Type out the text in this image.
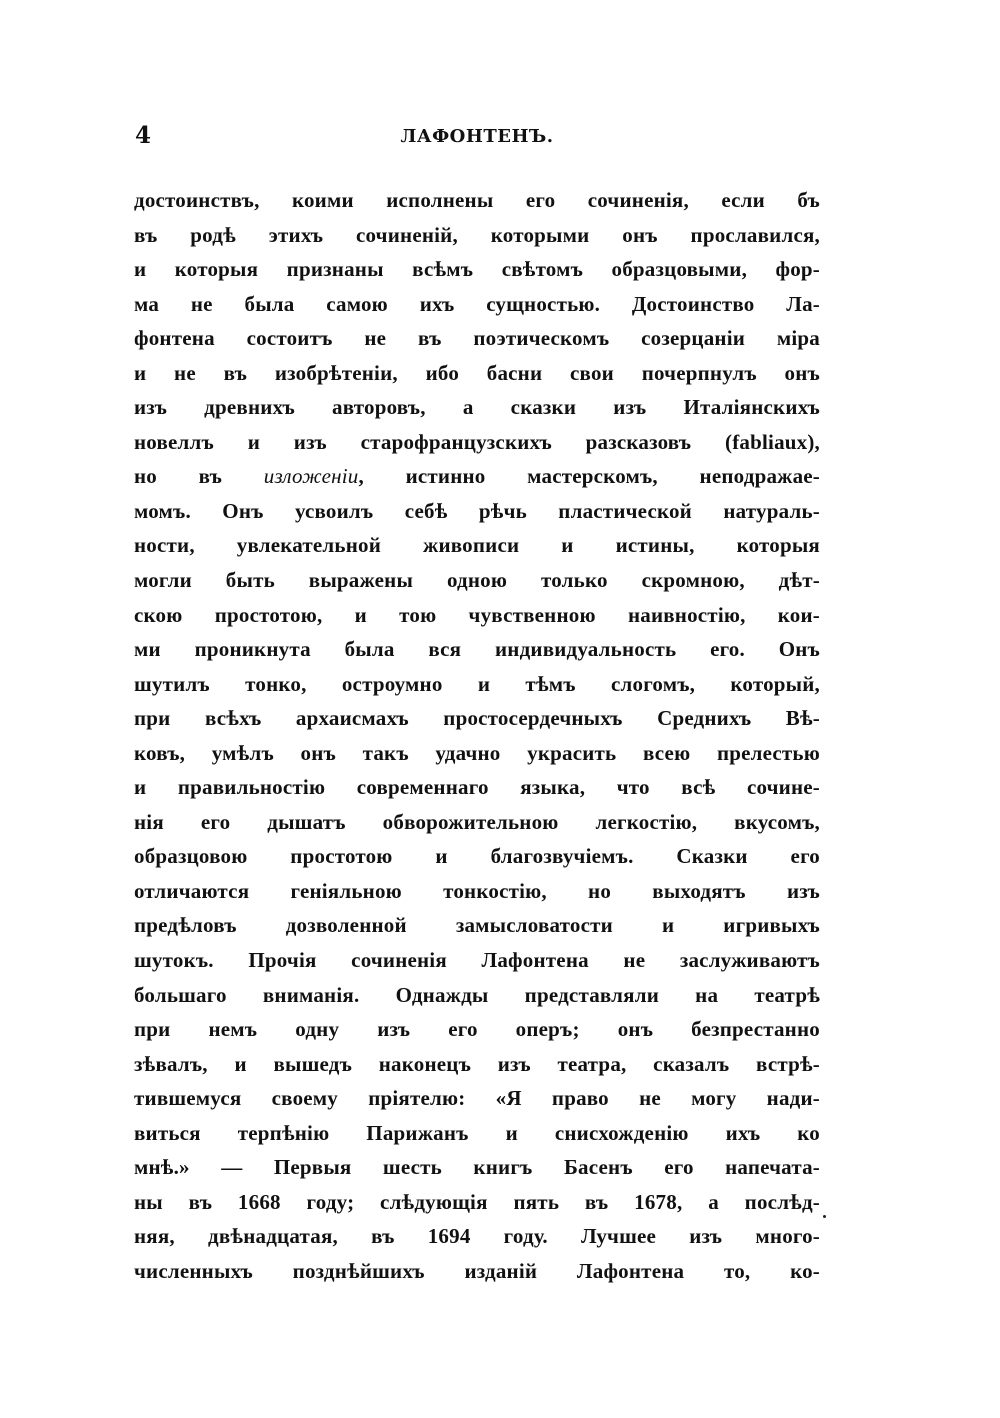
4	ЛАФОНТЕНЪ.
достоинствъ, коими исполнены его сочиненія, если бъ
въ родѣ этихъ сочиненій, которыми онъ прославился,
и которыя признаны всѣмъ свѣтомъ образцовыми, фор-
ма не была самою ихъ сущностью. Достоинство Ла-
фонтена состоитъ не въ поэтическомъ созерцаніи міра
и не въ изобрѣтеніи, ибо басни свои почерпнулъ онъ
изъ древнихъ авторовъ, а сказки изъ Италіянскихъ
новеллъ и изъ старофранцузскихъ разсказовъ (fabliaux),
но въ изложеніи, истинно мастерскомъ, неподражае-
момъ. Онъ усвоилъ себѣ рѣчь пластической натураль-
ности, увлекательной живописи и истины, которыя
могли быть выражены одною только скромною, дѣт-
скою простотою, и тою чувственною наивностію, кои-
ми проникнута была вся индивидуальность его. Онъ
шутилъ тонко, остроумно и тѣмъ слогомъ, который,
при всѣхъ архаисмахъ простосердечныхъ Среднихъ Вѣ-
ковъ, умѣлъ онъ такъ удачно украсить всею прелестью
и правильностію современнаго языка, что всѣ сочине-
нія его дышатъ обворожительною легкостію, вкусомъ,
образцовою простотою и благозвучіемъ. Сказки его
отличаются геніяльною тонкостію, но выходятъ изъ
предѣловъ дозволенной замысловатости и игривыхъ
шутокъ. Прочія сочиненія Лафонтена не заслуживаютъ
большаго вниманія. Однажды представляли на театрѣ
при немъ одну изъ его оперъ; онъ безпрестанно
зѣвалъ, и вышедъ наконецъ изъ театра, сказалъ встрѣ-
тившемуся своему пріятелю: «Я право не могу нади-
виться терпѣнію Парижанъ и снисхожденію ихъ ко
мнѣ.» — Первыя шесть книгъ Басенъ его напечата-
ны въ 1668 году; слѣдующія пять въ 1678, а послѣд-
няя, двѣнадцатая, въ 1694 году. Лучшее изъ много-
численныхъ позднѣйшихъ изданій Лафонтена то, ко-
